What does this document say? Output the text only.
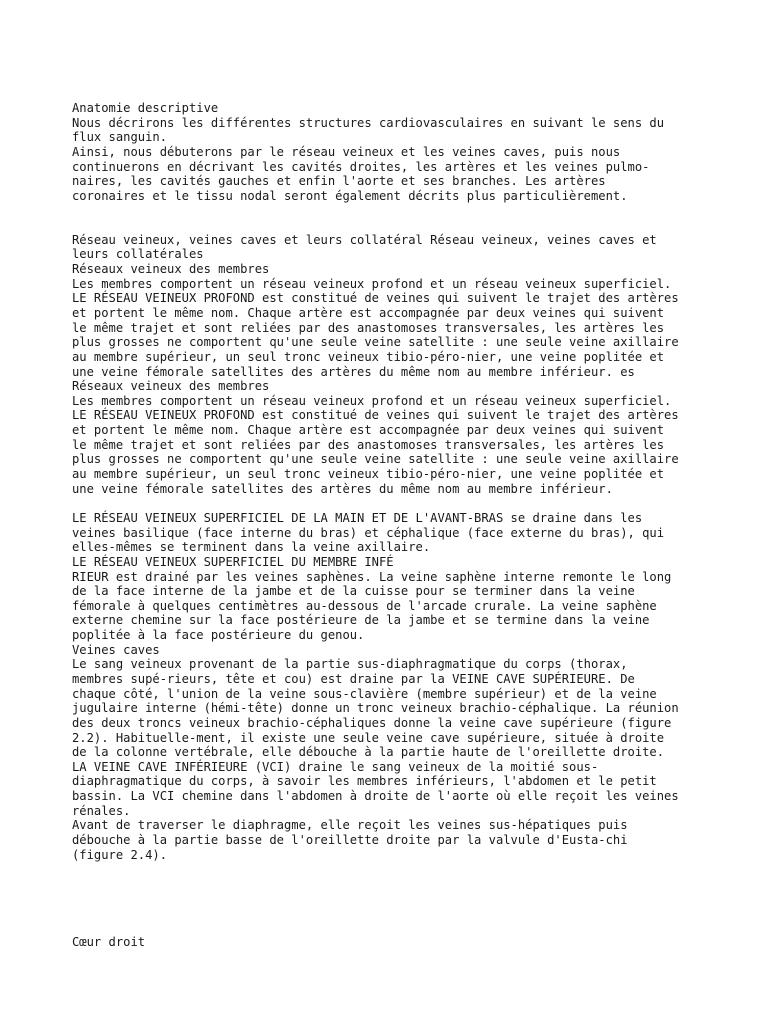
Anatomie descriptive
Nous décrirons les différentes structures cardiovasculaires en suivant le sens du
flux sanguin.
Ainsi, nous débuterons par le réseau veineux et les veines caves, puis nous
continuerons en décrivant les cavités droites, les artères et les veines pulmo-
naires, les cavités gauches et enfin l'aorte et ses branches. Les artères
coronaires et le tissu nodal seront également décrits plus particulièrement.
Réseau veineux, veines caves et leurs collatéral Réseau veineux, veines caves et
leurs collatérales
Réseaux veineux des membres
Les membres comportent un réseau veineux profond et un réseau veineux superficiel.
LE RÉSEAU VEINEUX PROFOND est constitué de veines qui suivent le trajet des artères
et portent le même nom. Chaque artère est accompagnée par deux veines qui suivent
le même trajet et sont reliées par des anastomoses transversales, les artères les
plus grosses ne comportent qu'une seule veine satellite : une seule veine axillaire
au membre supérieur, un seul tronc veineux tibio-péro-nier, une veine poplitée et
une veine fémorale satellites des artères du même nom au membre inférieur. es
Réseaux veineux des membres
Les membres comportent un réseau veineux profond et un réseau veineux superficiel.
LE RÉSEAU VEINEUX PROFOND est constitué de veines qui suivent le trajet des artères
et portent le même nom. Chaque artère est accompagnée par deux veines qui suivent
le même trajet et sont reliées par des anastomoses transversales, les artères les
plus grosses ne comportent qu'une seule veine satellite : une seule veine axillaire
au membre supérieur, un seul tronc veineux tibio-péro-nier, une veine poplitée et
une veine fémorale satellites des artères du même nom au membre inférieur.
LE RÉSEAU VEINEUX SUPERFICIEL DE LA MAIN ET DE L'AVANT-BRAS se draine dans les
veines basilique (face interne du bras) et céphalique (face externe du bras), qui
elles-mêmes se terminent dans la veine axillaire.
LE RÉSEAU VEINEUX SUPERFICIEL DU MEMBRE INFÉ
RIEUR est drainé par les veines saphènes. La veine saphène interne remonte le long
de la face interne de la jambe et de la cuisse pour se terminer dans la veine
fémorale à quelques centimètres au-dessous de l'arcade crurale. La veine saphène
externe chemine sur la face postérieure de la jambe et se termine dans la veine
poplitée à la face postérieure du genou.
Veines caves
Le sang veineux provenant de la partie sus-diaphragmatique du corps (thorax,
membres supé-rieurs, tête et cou) est draine par la VEINE CAVE SUPÉRIEURE. De
chaque côté, l'union de la veine sous-clavière (membre supérieur) et de la veine
jugulaire interne (hémi-tête) donne un tronc veineux brachio-céphalique. La réunion
des deux troncs veineux brachio-céphaliques donne la veine cave supérieure (figure
2.2). Habituelle-ment, il existe une seule veine cave supérieure, située à droite
de la colonne vertébrale, elle débouche à la partie haute de l'oreillette droite.
LA VEINE CAVE INFÉRIEURE (VCI) draine le sang veineux de la moitié sous-
diaphragmatique du corps, à savoir les membres inférieurs, l'abdomen et le petit
bassin. La VCI chemine dans l'abdomen à droite de l'aorte où elle reçoit les veines
rénales.
Avant de traverser le diaphragme, elle reçoit les veines sus-hépatiques puis
débouche à la partie basse de l'oreillette droite par la valvule d'Eusta-chi
(figure 2.4).
Cœur droit
